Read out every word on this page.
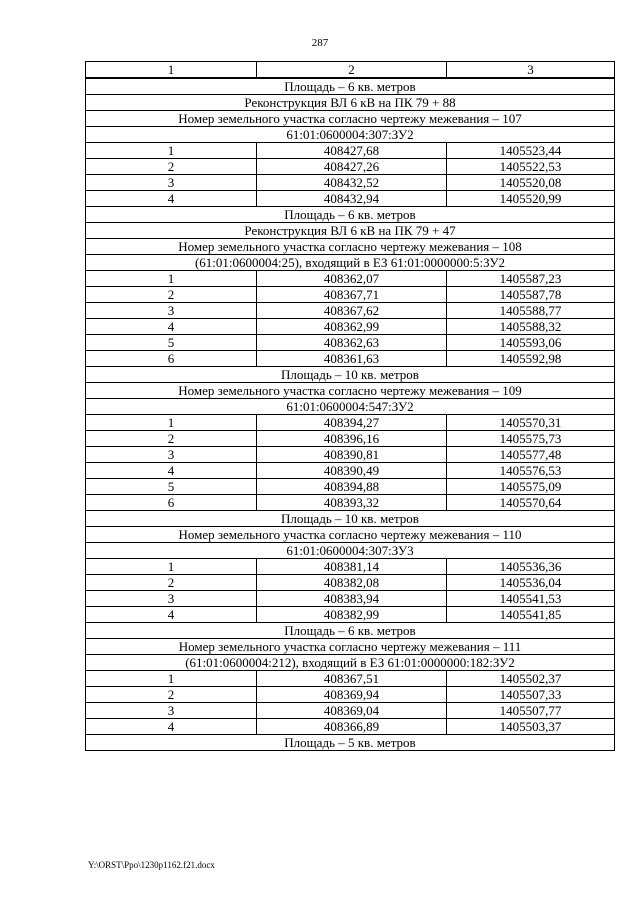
287
1	2	3
Площадь – 6 кв. метров		
Реконструкция ВЛ 6 кВ на ПК 79 + 88		
Номер земельного участка согласно чертежу межевания – 107		
61:01:0600004:307:ЗУ2		
1	408427,68	1405523,44
2	408427,26	1405522,53
3	408432,52	1405520,08
4	408432,94	1405520,99
Площадь – 6 кв. метров		
Реконструкция ВЛ 6 кВ на ПК 79 + 47		
Номер земельного участка согласно чертежу межевания – 108		
(61:01:0600004:25), входящий в ЕЗ 61:01:0000000:5:ЗУ2		
1	408362,07	1405587,23
2	408367,71	1405587,78
3	408367,62	1405588,77
4	408362,99	1405588,32
5	408362,63	1405593,06
6	408361,63	1405592,98
Площадь – 10 кв. метров		
Номер земельного участка согласно чертежу межевания – 109		
61:01:0600004:547:ЗУ2		
1	408394,27	1405570,31
2	408396,16	1405575,73
3	408390,81	1405577,48
4	408390,49	1405576,53
5	408394,88	1405575,09
6	408393,32	1405570,64
Площадь – 10 кв. метров		
Номер земельного участка согласно чертежу межевания – 110		
61:01:0600004:307:ЗУ3		
1	408381,14	1405536,36
2	408382,08	1405536,04
3	408383,94	1405541,53
4	408382,99	1405541,85
Площадь – 6 кв. метров		
Номер земельного участка согласно чертежу межевания – 111		
(61:01:0600004:212), входящий в ЕЗ 61:01:0000000:182:ЗУ2		
1	408367,51	1405502,37
2	408369,94	1405507,33
3	408369,04	1405507,77
4	408366,89	1405503,37
Площадь – 5 кв. метров		
Y:\ORST\Ppo\1230p1162.f21.docx
